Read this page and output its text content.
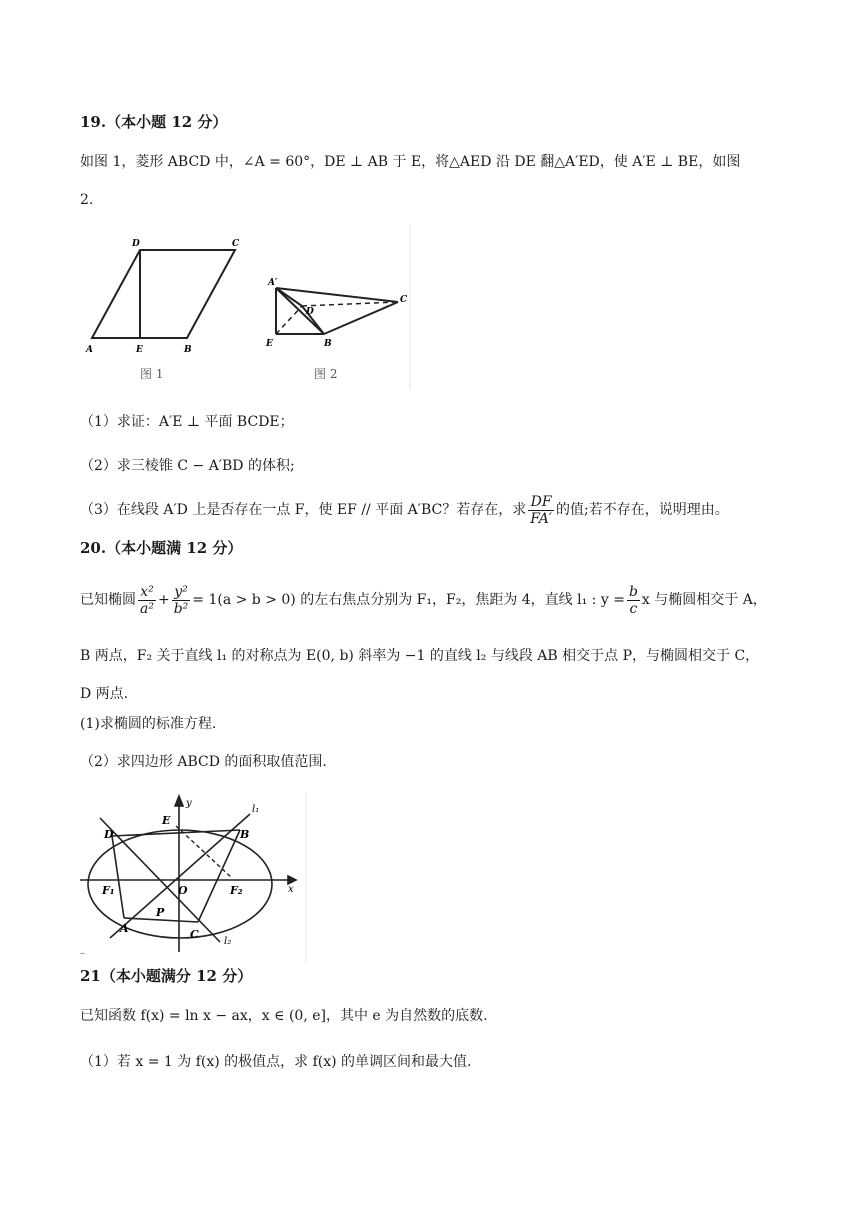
19.（本小题 12 分）
如图 1，菱形 ABCD 中，∠A = 60°，DE ⊥ AB 于 E，将△AED 沿 DE 翻△A′ED，使 A′E ⊥ BE，如图
2.
D	C
A	E	B
图 1
A′
D
C
E	B
图 2
（1）求证：A′E ⊥ 平面 BCDE；
（2）求三棱锥 C − A′BD 的体积;
（3）在线段 A′D 上是否存在一点 F，使 EF // 平面 A′BC？若存在，求 $\frac{DF}{FA'}$ 的值;若不存在，说明理由。
20.（本小题满 12 分）
已知椭圆 $\frac{\text{x²}}{\text{a²}} + \frac{\text{y²}}{\text{b²}} = 1(a > b > 0)$ 的左右焦点分别为 F₁，F₂，焦距为 4，直线 l₁ : $y = \frac{b}{c}$ x 与椭圆相交于 A，
B 两点，F₂ 关于直线 l₁ 的对称点为 E(0, b) 斜率为 −1 的直线 l₂ 与线段 AB 相交于点 P，与椭圆相交于 C，
D 两点.
(1)求椭圆的标准方程.
（2）求四边形 ABCD 的面积取值范围.
y
l₁
E
D	B
F₁	O	F₂	x
P
A	C
l₂
–
21（本小题满分 12 分）
已知函数 f(x) = ln x − ax，x ∈ (0, e]，其中 e 为自然数的底数.
（1）若 x = 1 为 f(x) 的极值点，求 f(x) 的单调区间和最大值.
